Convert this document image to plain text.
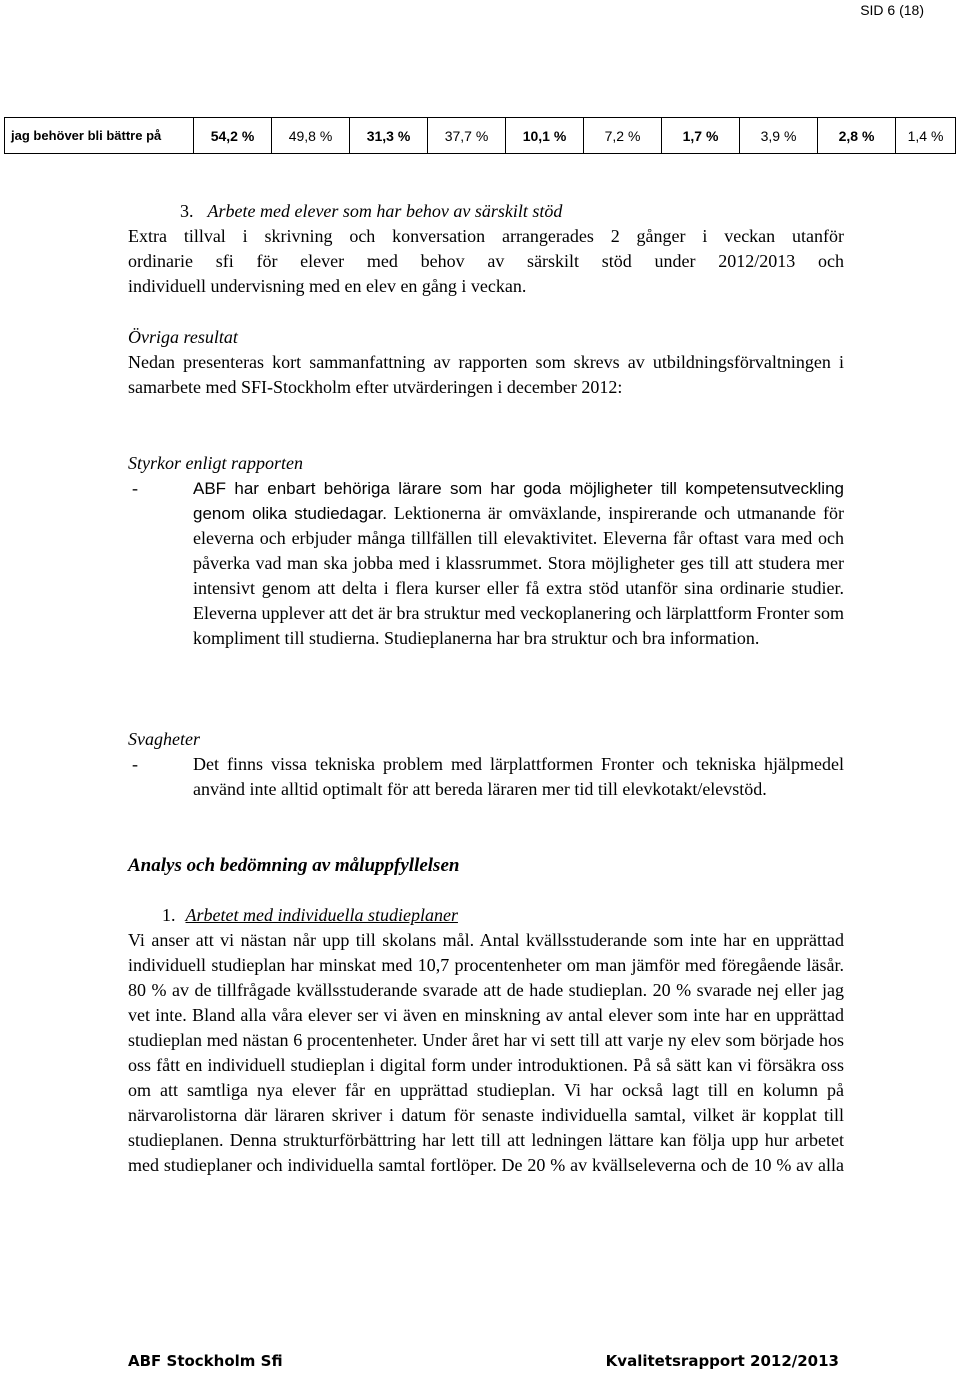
SID 6 (18)
jag behöver bli bättre på	54,2 %	49,8 %	31,3 %	37,7 %	10,1 %	7,2 %	1,7 %	3,9 %	2,8 %	1,4 %

3. Arbete med elever som har behov av särskilt stöd

Extra tillval i skrivning och konversation arrangerades 2 gånger i veckan utanför

ordinarie sfi för elever med behov av särskilt stöd under 2012/2013 och

individuell undervisning med en elev en gång i veckan.

Övriga resultat

Nedan presenteras kort sammanfattning av rapporten som skrevs av utbildningsförvaltningen i samarbete med SFI-Stockholm efter utvärderingen i december 2012:

Styrkor enligt rapporten

-	ABF har enbart behöriga lärare som har goda möjligheter till kompetensutveckling genom olika studiedagar. Lektionerna är omväxlande, inspirerande och utmanande för eleverna och erbjuder många tillfällen till elevaktivitet. Eleverna får oftast vara med och påverka vad man ska jobba med i klassrummet. Stora möjligheter ges till att studera mer intensivt genom att delta i flera kurser eller få extra stöd utanför sina ordinarie studier. Eleverna upplever att det är bra struktur med veckoplanering och lärplattform Fronter som kompliment till studierna. Studieplanerna har bra struktur och bra information.

Svagheter

-	Det finns vissa tekniska problem med lärplattformen Fronter och tekniska hjälpmedel använd inte alltid optimalt för att bereda läraren mer tid till elevkotakt/elevstöd.

Analys och bedömning av måluppfyllelsen

1. Arbetet med individuella studieplaner

Vi anser att vi nästan når upp till skolans mål. Antal kvällsstuderande som inte har en upprättad individuell studieplan har minskat med 10,7 procentenheter om man jämför med föregående läsår. 80 % av de tillfrågade kvällsstuderande svarade att de hade studieplan. 20 % svarade nej eller jag vet inte. Bland alla våra elever ser vi även en minskning av antal elever som inte har en upprättad studieplan med nästan 6 procentenheter. Under året har vi sett till att varje ny elev som började hos oss fått en individuell studieplan i digital form under introduktionen. På så sätt kan vi försäkra oss om att samtliga nya elever får en upprättad studieplan. Vi har också lagt till en kolumn på närvarolistorna där läraren skriver i datum för senaste individuella samtal, vilket är kopplat till studieplanen. Denna strukturförbättring har lett till att ledningen lättare kan följa upp hur arbetet med studieplaner och individuella samtal fortlöper. De 20 % av kvällseleverna och de 10 % av alla

ABF Stockholm Sfi	Kvalitetsrapport 2012/2013
